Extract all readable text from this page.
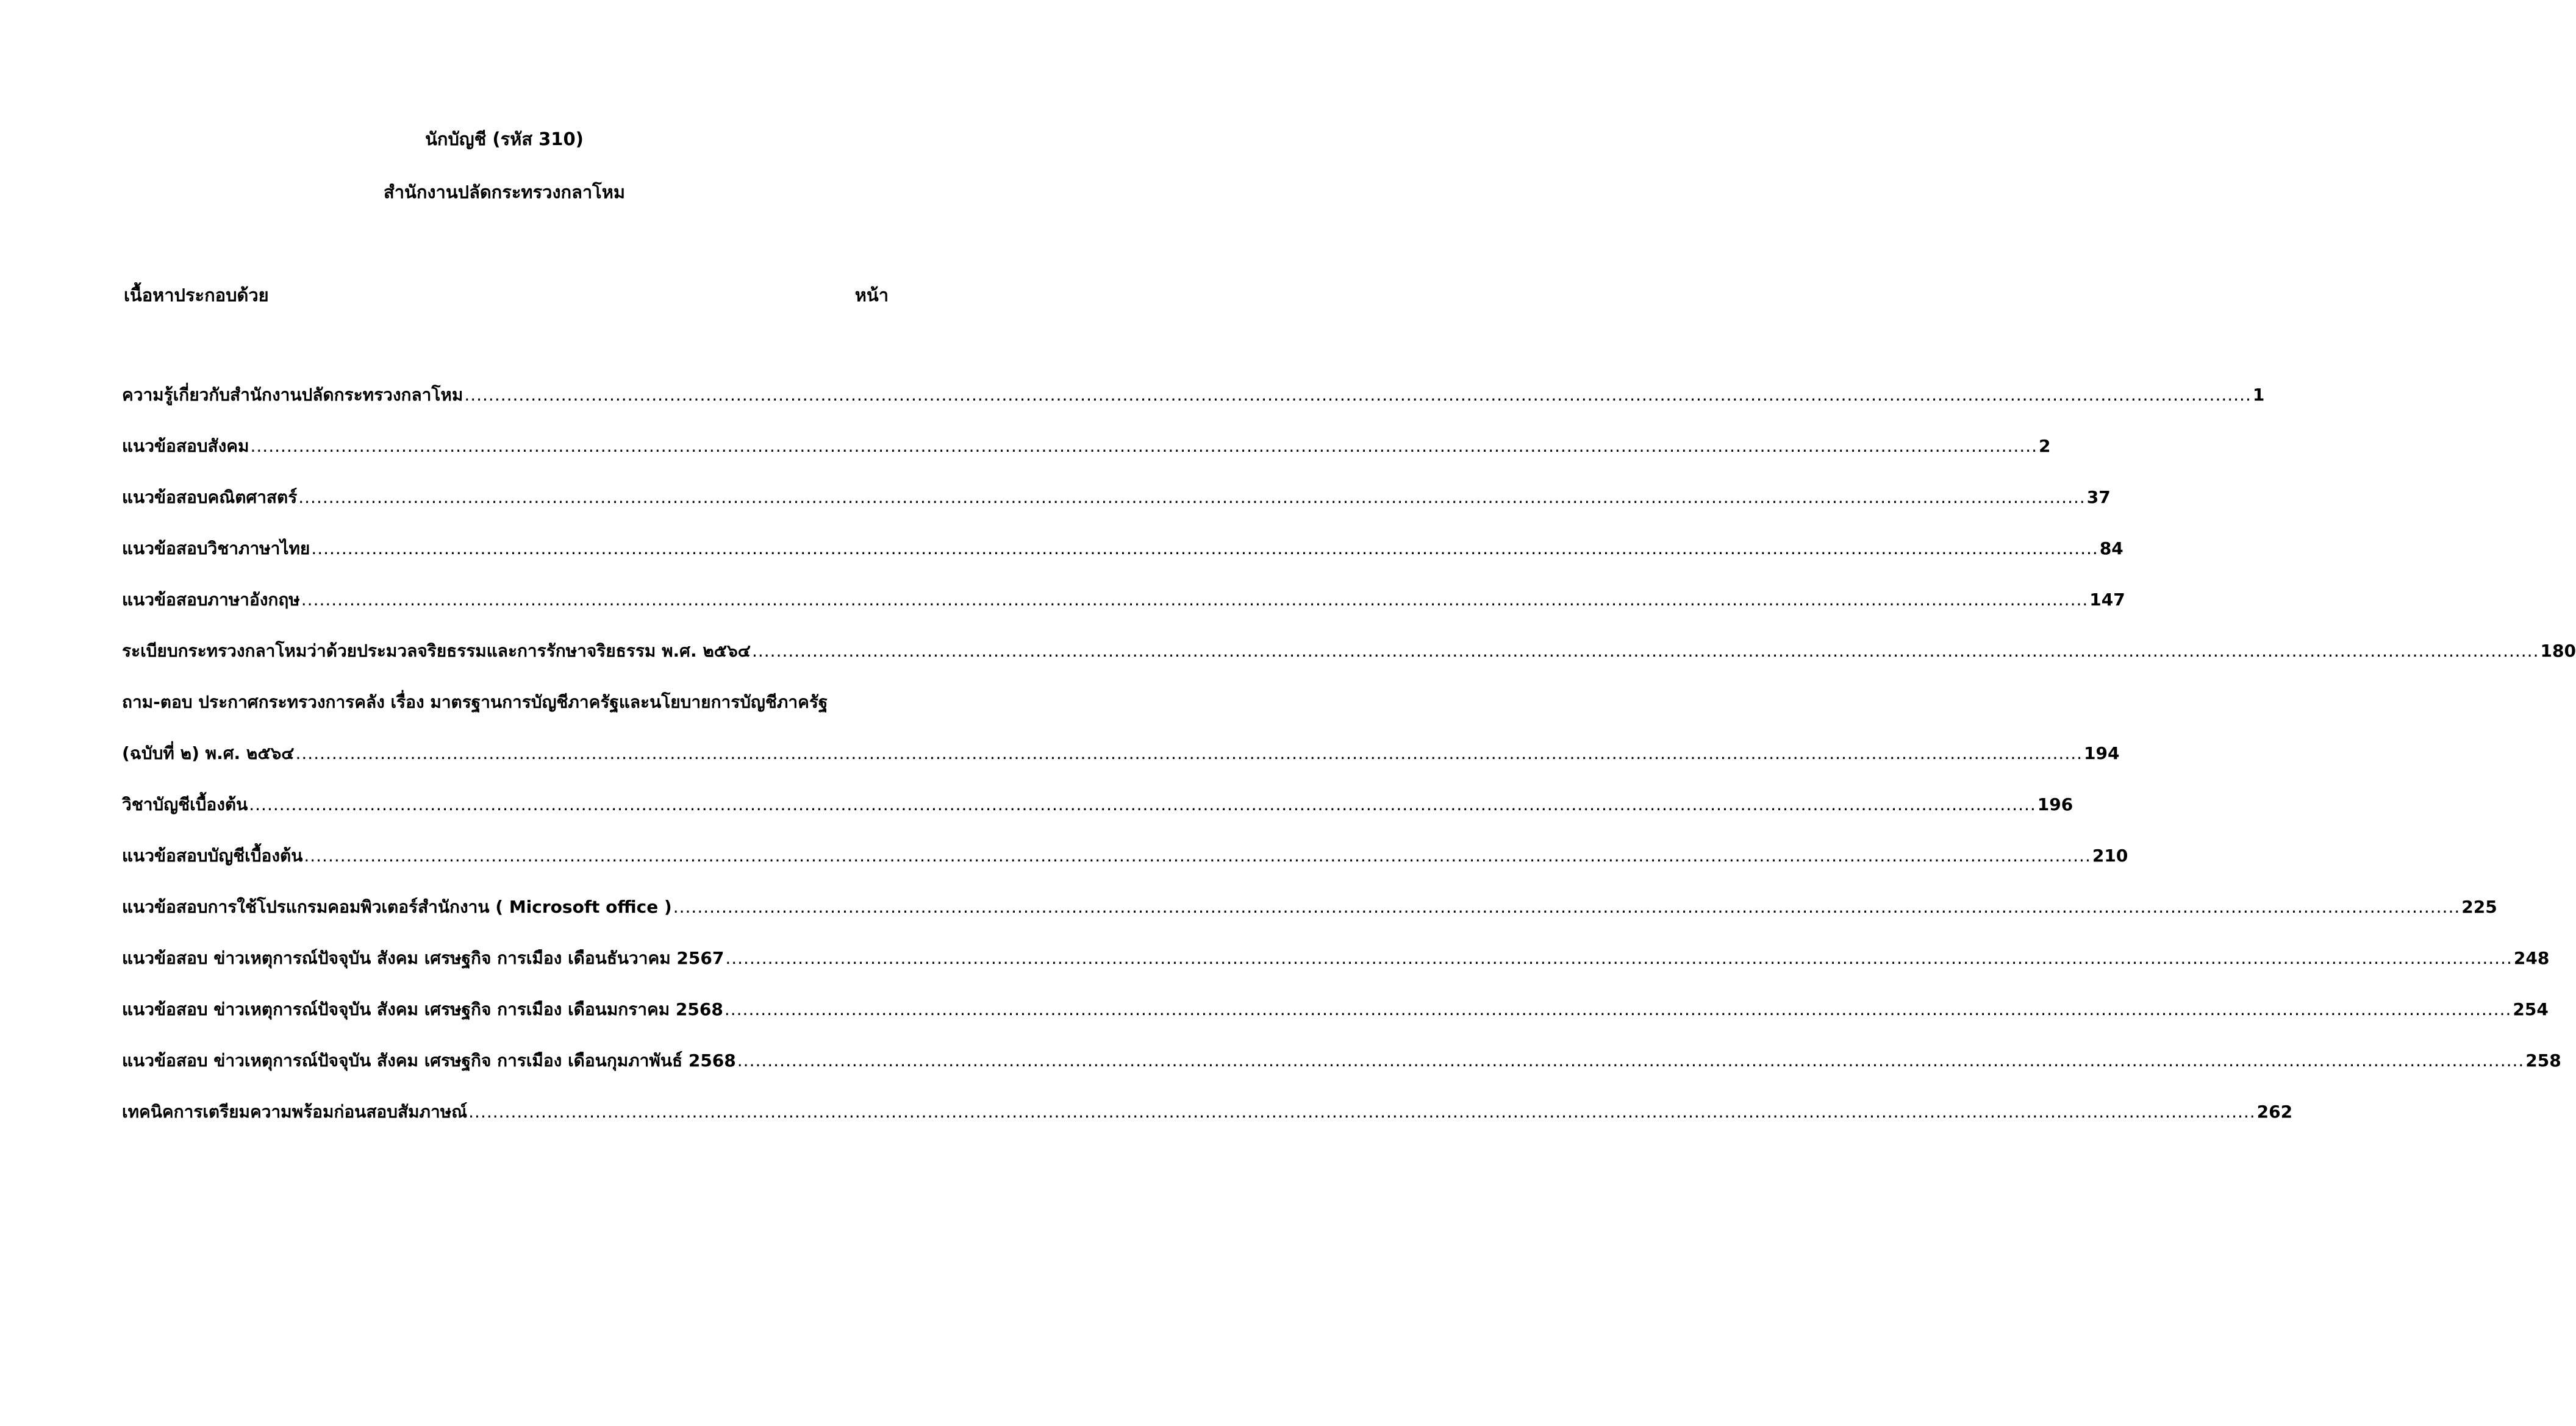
นักบัญชี (รหัส 310)
สำนักงานปลัดกระทรวงกลาโหม
เนื้อหาประกอบด้วย	หน้า
ความรู้เกี่ยวกับสำนักงานปลัดกระทรวงกลาโหม .....	1
แนวข้อสอบสังคม .....	2
แนวข้อสอบคณิตศาสตร์ .....	37
แนวข้อสอบวิชาภาษาไทย .....	84
แนวข้อสอบภาษาอังกฤษ .....	147
ระเบียบกระทรวงกลาโหมว่าด้วยประมวลจริยธรรมและการรักษาจริยธรรม พ.ศ. ๒๕๖๔ .....	180
ถาม-ตอบ ประกาศกระทรวงการคลัง เรื่อง มาตรฐานการบัญชีภาครัฐและนโยบายการบัญชีภาครัฐ
(ฉบับที่ ๒) พ.ศ. ๒๕๖๔ .....	194
วิชาบัญชีเบื้องต้น .....	196
แนวข้อสอบบัญชีเบื้องต้น .....	210
แนวข้อสอบการใช้โปรแกรมคอมพิวเตอร์สำนักงาน ( Microsoft office ) .....	225
แนวข้อสอบ ข่าวเหตุการณ์ปัจจุบัน สังคม เศรษฐกิจ การเมือง เดือนธันวาคม 2567 .....	248
แนวข้อสอบ ข่าวเหตุการณ์ปัจจุบัน สังคม เศรษฐกิจ การเมือง เดือนมกราคม 2568 .....	254
แนวข้อสอบ ข่าวเหตุการณ์ปัจจุบัน สังคม เศรษฐกิจ การเมือง เดือนกุมภาพันธ์ 2568 .....	258
เทคนิคการเตรียมความพร้อมก่อนสอบสัมภาษณ์ .....	262
